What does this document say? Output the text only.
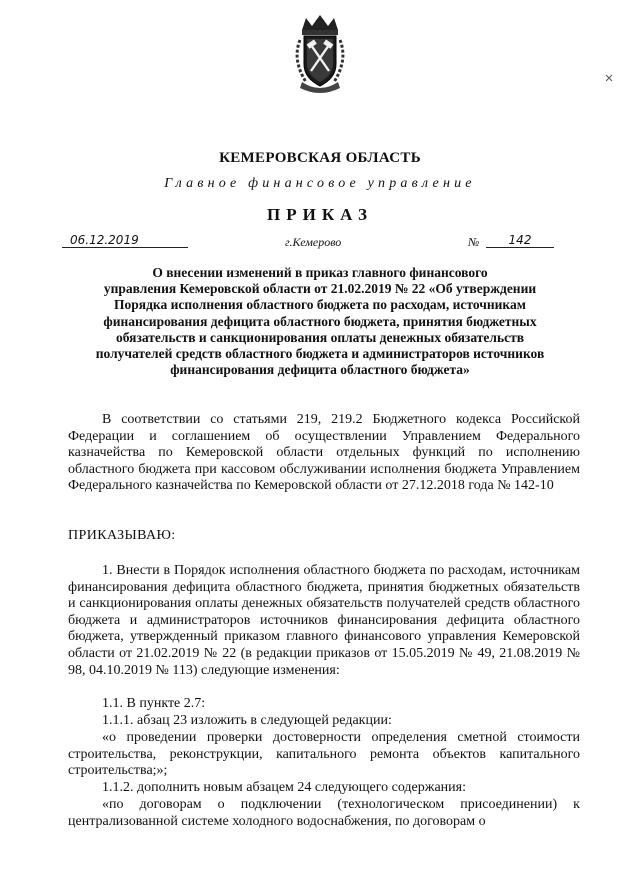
КЕМЕРОВСКАЯ ОБЛАСТЬ
Главное финансовое управление
ПРИКАЗ
06.12.2019	г.Кемерово	№	142
О внесении изменений в приказ главного финансового
управления Кемеровской области от 21.02.2019 № 22 «Об утверждении
Порядка исполнения областного бюджета по расходам, источникам
финансирования дефицита областного бюджета, принятия бюджетных
обязательств и санкционирования оплаты денежных обязательств
получателей средств областного бюджета и администраторов источников
финансирования дефицита областного бюджета»
В соответствии со статьями 219, 219.2 Бюджетного кодекса Российской Федерации и соглашением об осуществлении Управлением Федерального казначейства по Кемеровской области отдельных функций по исполнению областного бюджета при кассовом обслуживании исполнения бюджета Управлением Федерального казначейства по Кемеровской области от 27.12.2018 года № 142-10
ПРИКАЗЫВАЮ:
1. Внести в Порядок исполнения областного бюджета по расходам, источникам финансирования дефицита областного бюджета, принятия бюджетных обязательств и санкционирования оплаты денежных обязательств получателей средств областного бюджета и администраторов источников финансирования дефицита областного бюджета, утвержденный приказом главного финансового управления Кемеровской области от 21.02.2019 № 22 (в редакции приказов от 15.05.2019 № 49, 21.08.2019 № 98, 04.10.2019 № 113) следующие изменения:
1.1. В пункте 2.7:
1.1.1. абзац 23 изложить в следующей редакции:
«о проведении проверки достоверности определения сметной стоимости строительства, реконструкции, капитального ремонта объектов капитального строительства;»;
1.1.2. дополнить новым абзацем 24 следующего содержания:
«по договорам о подключении (технологическом присоединении) к централизованной системе холодного водоснабжения, по договорам о
